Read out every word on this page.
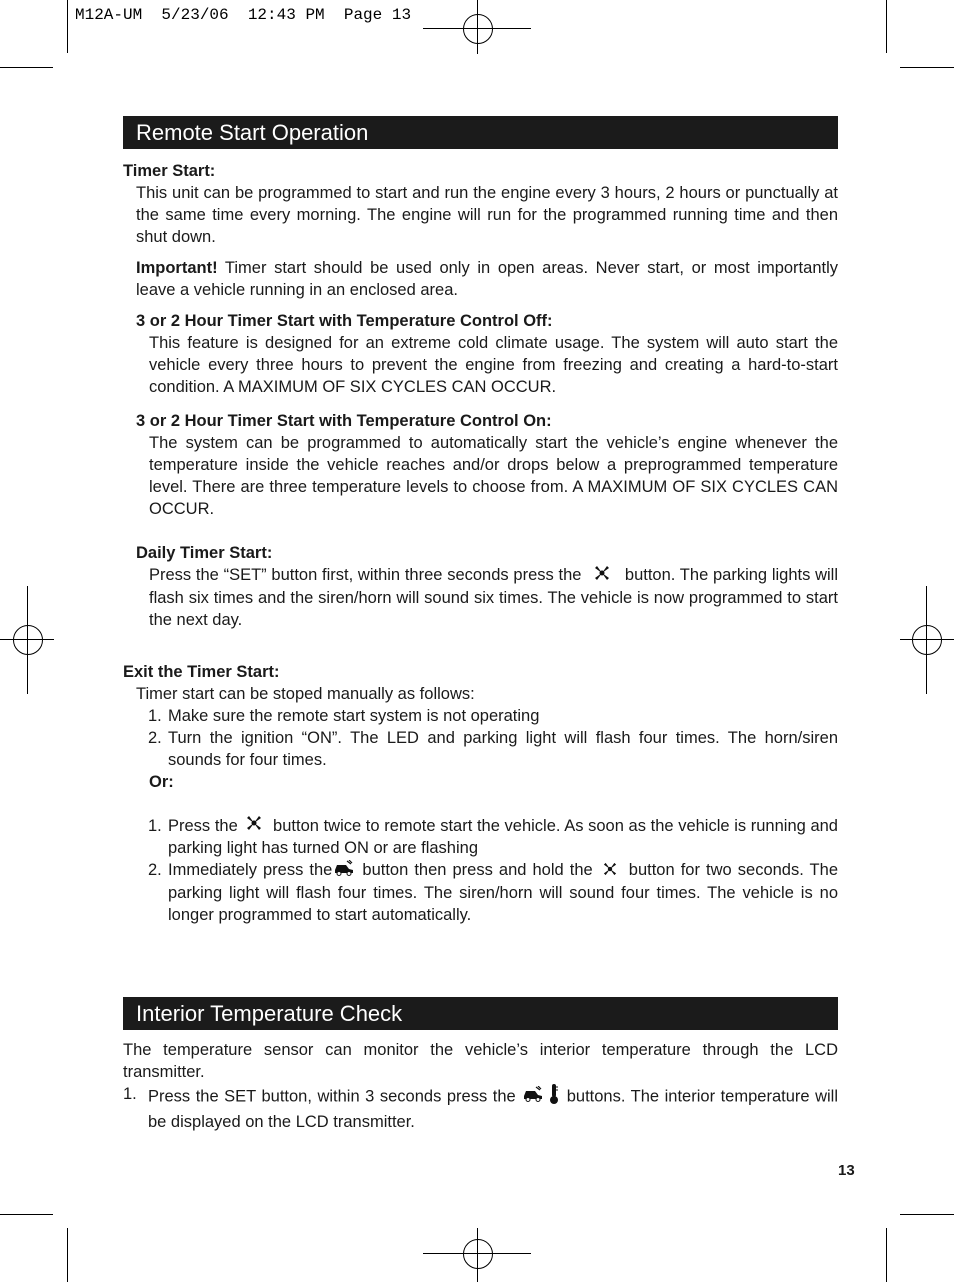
M12A-UM  5/23/06  12:43 PM  Page 13
Remote Start Operation

Timer Start:

This unit can be programmed to start and run the engine every 3 hours, 2 hours or punctually at the same time every morning. The engine will run for the programmed running time and then shut down.

Important! Timer start should be used only in open areas. Never start, or most importantly leave a vehicle running in an enclosed area.

3 or 2 Hour Timer Start with Temperature Control Off:

This feature is designed for an extreme cold climate usage. The system will auto start the vehicle every three hours to prevent the engine from freezing and creating a hard-to-start condition. A MAXIMUM OF SIX CYCLES CAN OCCUR.

3 or 2 Hour Timer Start with Temperature Control On:

The system can be programmed to automatically start the vehicle’s engine whenever the temperature inside the vehicle reaches and/or drops below a preprogrammed temperature level. There are three temperature levels to choose from. A MAXIMUM OF SIX CYCLES CAN OCCUR.

Daily Timer Start:

Press the “SET” button first, within three seconds press the  button. The parking lights will flash six times and the siren/horn will sound six times. The vehicle is now programmed to start the next day.

Exit the Timer Start:

Timer start can be stoped manually as follows:

1. Make sure the remote start system is not operating
2. Turn the ignition “ON”. The LED and parking light will flash four times. The horn/siren sounds for four times.

Or:

1. Press the  button twice to remote start the vehicle. As soon as the vehicle is running and parking light has turned ON or are flashing
2. Immediately press the button then press and hold the  button for two seconds. The parking light will flash four times. The siren/horn will sound four times. The vehicle is no longer programmed to start automatically.
Interior Temperature Check

The temperature sensor can monitor the vehicle’s interior temperature through the LCD transmitter.

1. Press the SET button, within 3 seconds press the  buttons. The interior temperature will be displayed on the LCD transmitter.
13
